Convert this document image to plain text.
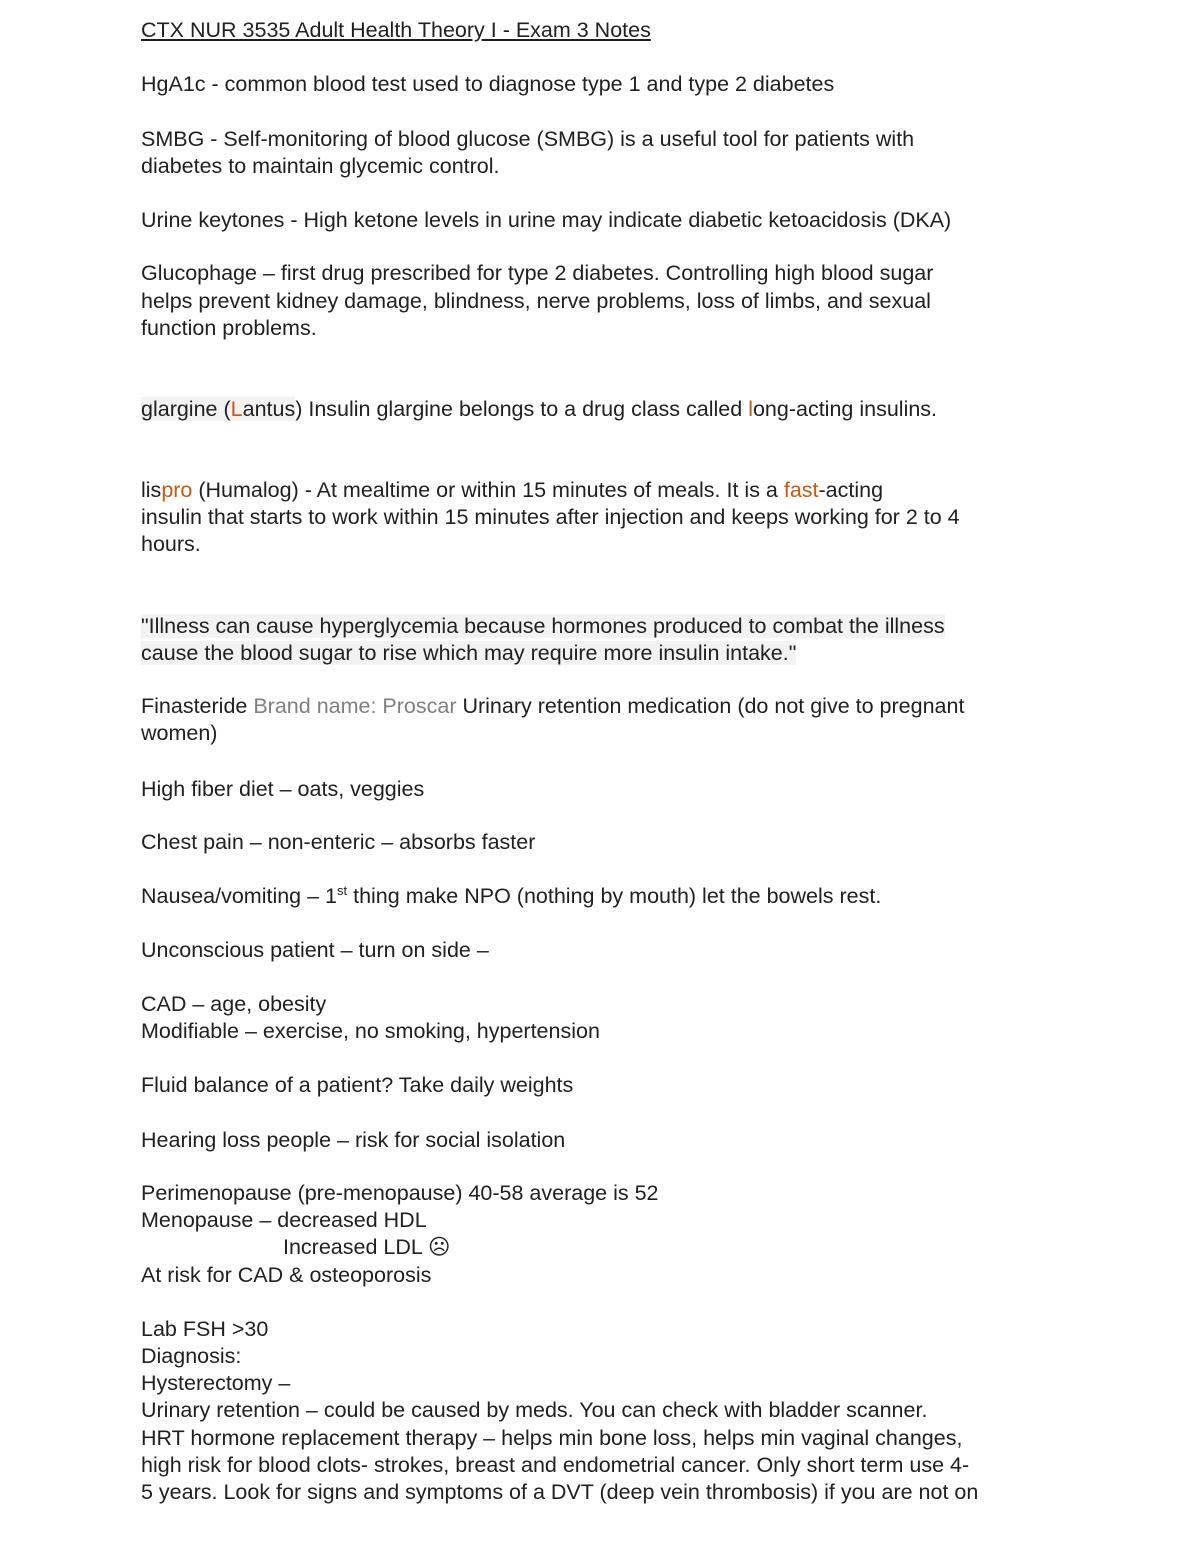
CTX NUR 3535 Adult Health Theory I - Exam 3 Notes
HgA1c - common blood test used to diagnose type 1 and type 2 diabetes
SMBG - Self-monitoring of blood glucose (SMBG) is a useful tool for patients with
diabetes to maintain glycemic control.
Urine keytones - High ketone levels in urine may indicate diabetic ketoacidosis (DKA)
Glucophage – first drug prescribed for type 2 diabetes. Controlling high blood sugar
helps prevent kidney damage, blindness, nerve problems, loss of limbs, and sexual
function problems.
glargine (Lantus) Insulin glargine belongs to a drug class called long-acting insulins.
lispro (Humalog) - At mealtime or within 15 minutes of meals. It is a fast-acting
insulin that starts to work within 15 minutes after injection and keeps working for 2 to 4
hours.
"Illness can cause hyperglycemia because hormones produced to combat the illness
cause the blood sugar to rise which may require more insulin intake."
Finasteride Brand name: Proscar Urinary retention medication (do not give to pregnant
women)
High fiber diet – oats, veggies
Chest pain – non-enteric – absorbs faster
Nausea/vomiting – 1st thing make NPO (nothing by mouth) let the bowels rest.
Unconscious patient – turn on side –
CAD – age, obesity
Modifiable – exercise, no smoking, hypertension
Fluid balance of a patient? Take daily weights
Hearing loss people – risk for social isolation
Perimenopause (pre-menopause) 40-58 average is 52
Menopause – decreased HDL
Increased LDL ☹
At risk for CAD & osteoporosis
Lab FSH >30
Diagnosis:
Hysterectomy –
Urinary retention – could be caused by meds. You can check with bladder scanner.
HRT hormone replacement therapy – helps min bone loss, helps min vaginal changes,
high risk for blood clots- strokes, breast and endometrial cancer. Only short term use 4-
5 years. Look for signs and symptoms of a DVT (deep vein thrombosis) if you are not on
